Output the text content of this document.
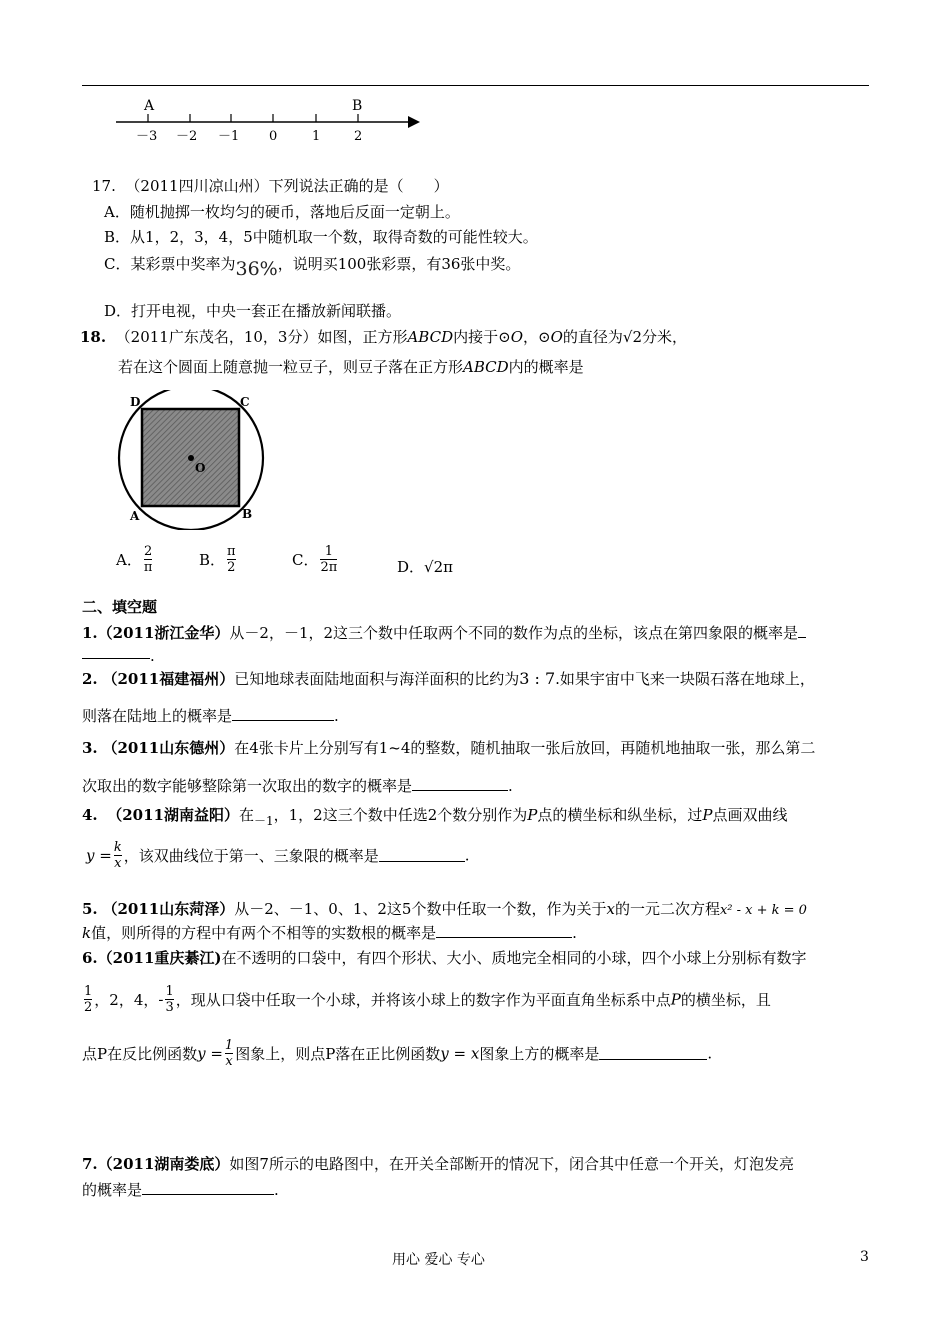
A	B
－3 －2 －1 0	1	2
17. （2011四川凉山州）下列说法正确的是（　　）
A．随机抛掷一枚均匀的硬币，落地后反面一定朝上。
B．从1，2，3，4，5中随机取一个数，取得奇数的可能性较大。
C．某彩票中奖率为36%，说明买100张彩票，有36张中奖。
D．打开电视，中央一套正在播放新闻联播。
18. （2011广东茂名，10，3分）如图，正方形ABCD内接于⊙O，⊙O的直径为√2分米，
若在这个圆面上随意抛一粒豆子，则豆子落在正方形ABCD内的概率是
D	C
A	B
O
A． $\frac{2}{\pi}$	B． $\frac{\pi}{2}$	C． $\frac{1}{2\pi}$	D．√2π
二、填空题
1.（2011浙江金华）从－2，－1，2这三个数中任取两个不同的数作为点的坐标，该点在第四象限的概率是
.
2. （2011福建福州）已知地球表面陆地面积与海洋面积的比约为3 : 7.如果宇宙中飞来一块陨石落在地球上，
则落在陆地上的概率是	.
3. （2011山东德州）在4张卡片上分别写有1~4的整数，随机抽取一张后放回，再随机地抽取一张，那么第二
次取出的数字能够整除第一次取出的数字的概率是	.
4. （2011湖南益阳）在$_{-1}$，1，2这三个数中任选2个数分别作为P点的横坐标和纵坐标，过P点画双曲线
$y = \frac{k}{x}$ ，该双曲线位于第一、三象限的概率是	.
5. （2011山东菏泽）从－2、－1、0、1、2这5个数中任取一个数，作为关于x的一元二次方程x² - x + k = 0
k值，则所得的方程中有两个不相等的实数根的概率是	.
6.（2011重庆綦江)在不透明的口袋中，有四个形状、大小、质地完全相同的小球，四个小球上分别标有数字
$\frac{1}{2}$ ，2，4，- $\frac{1}{3}$ ，现从口袋中任取一个小球，并将该小球上的数字作为平面直角坐标系中点P的横坐标，且
点P在反比例函数$y = \frac{1}{x}$ 图象上，则点P落在正比例函数y = x图象上方的概率是	.
7.（2011湖南娄底）如图7所示的电路图中，在开关全部断开的情况下，闭合其中任意一个开关，灯泡发亮
的概率是	.
用心 爱心 专心	3
